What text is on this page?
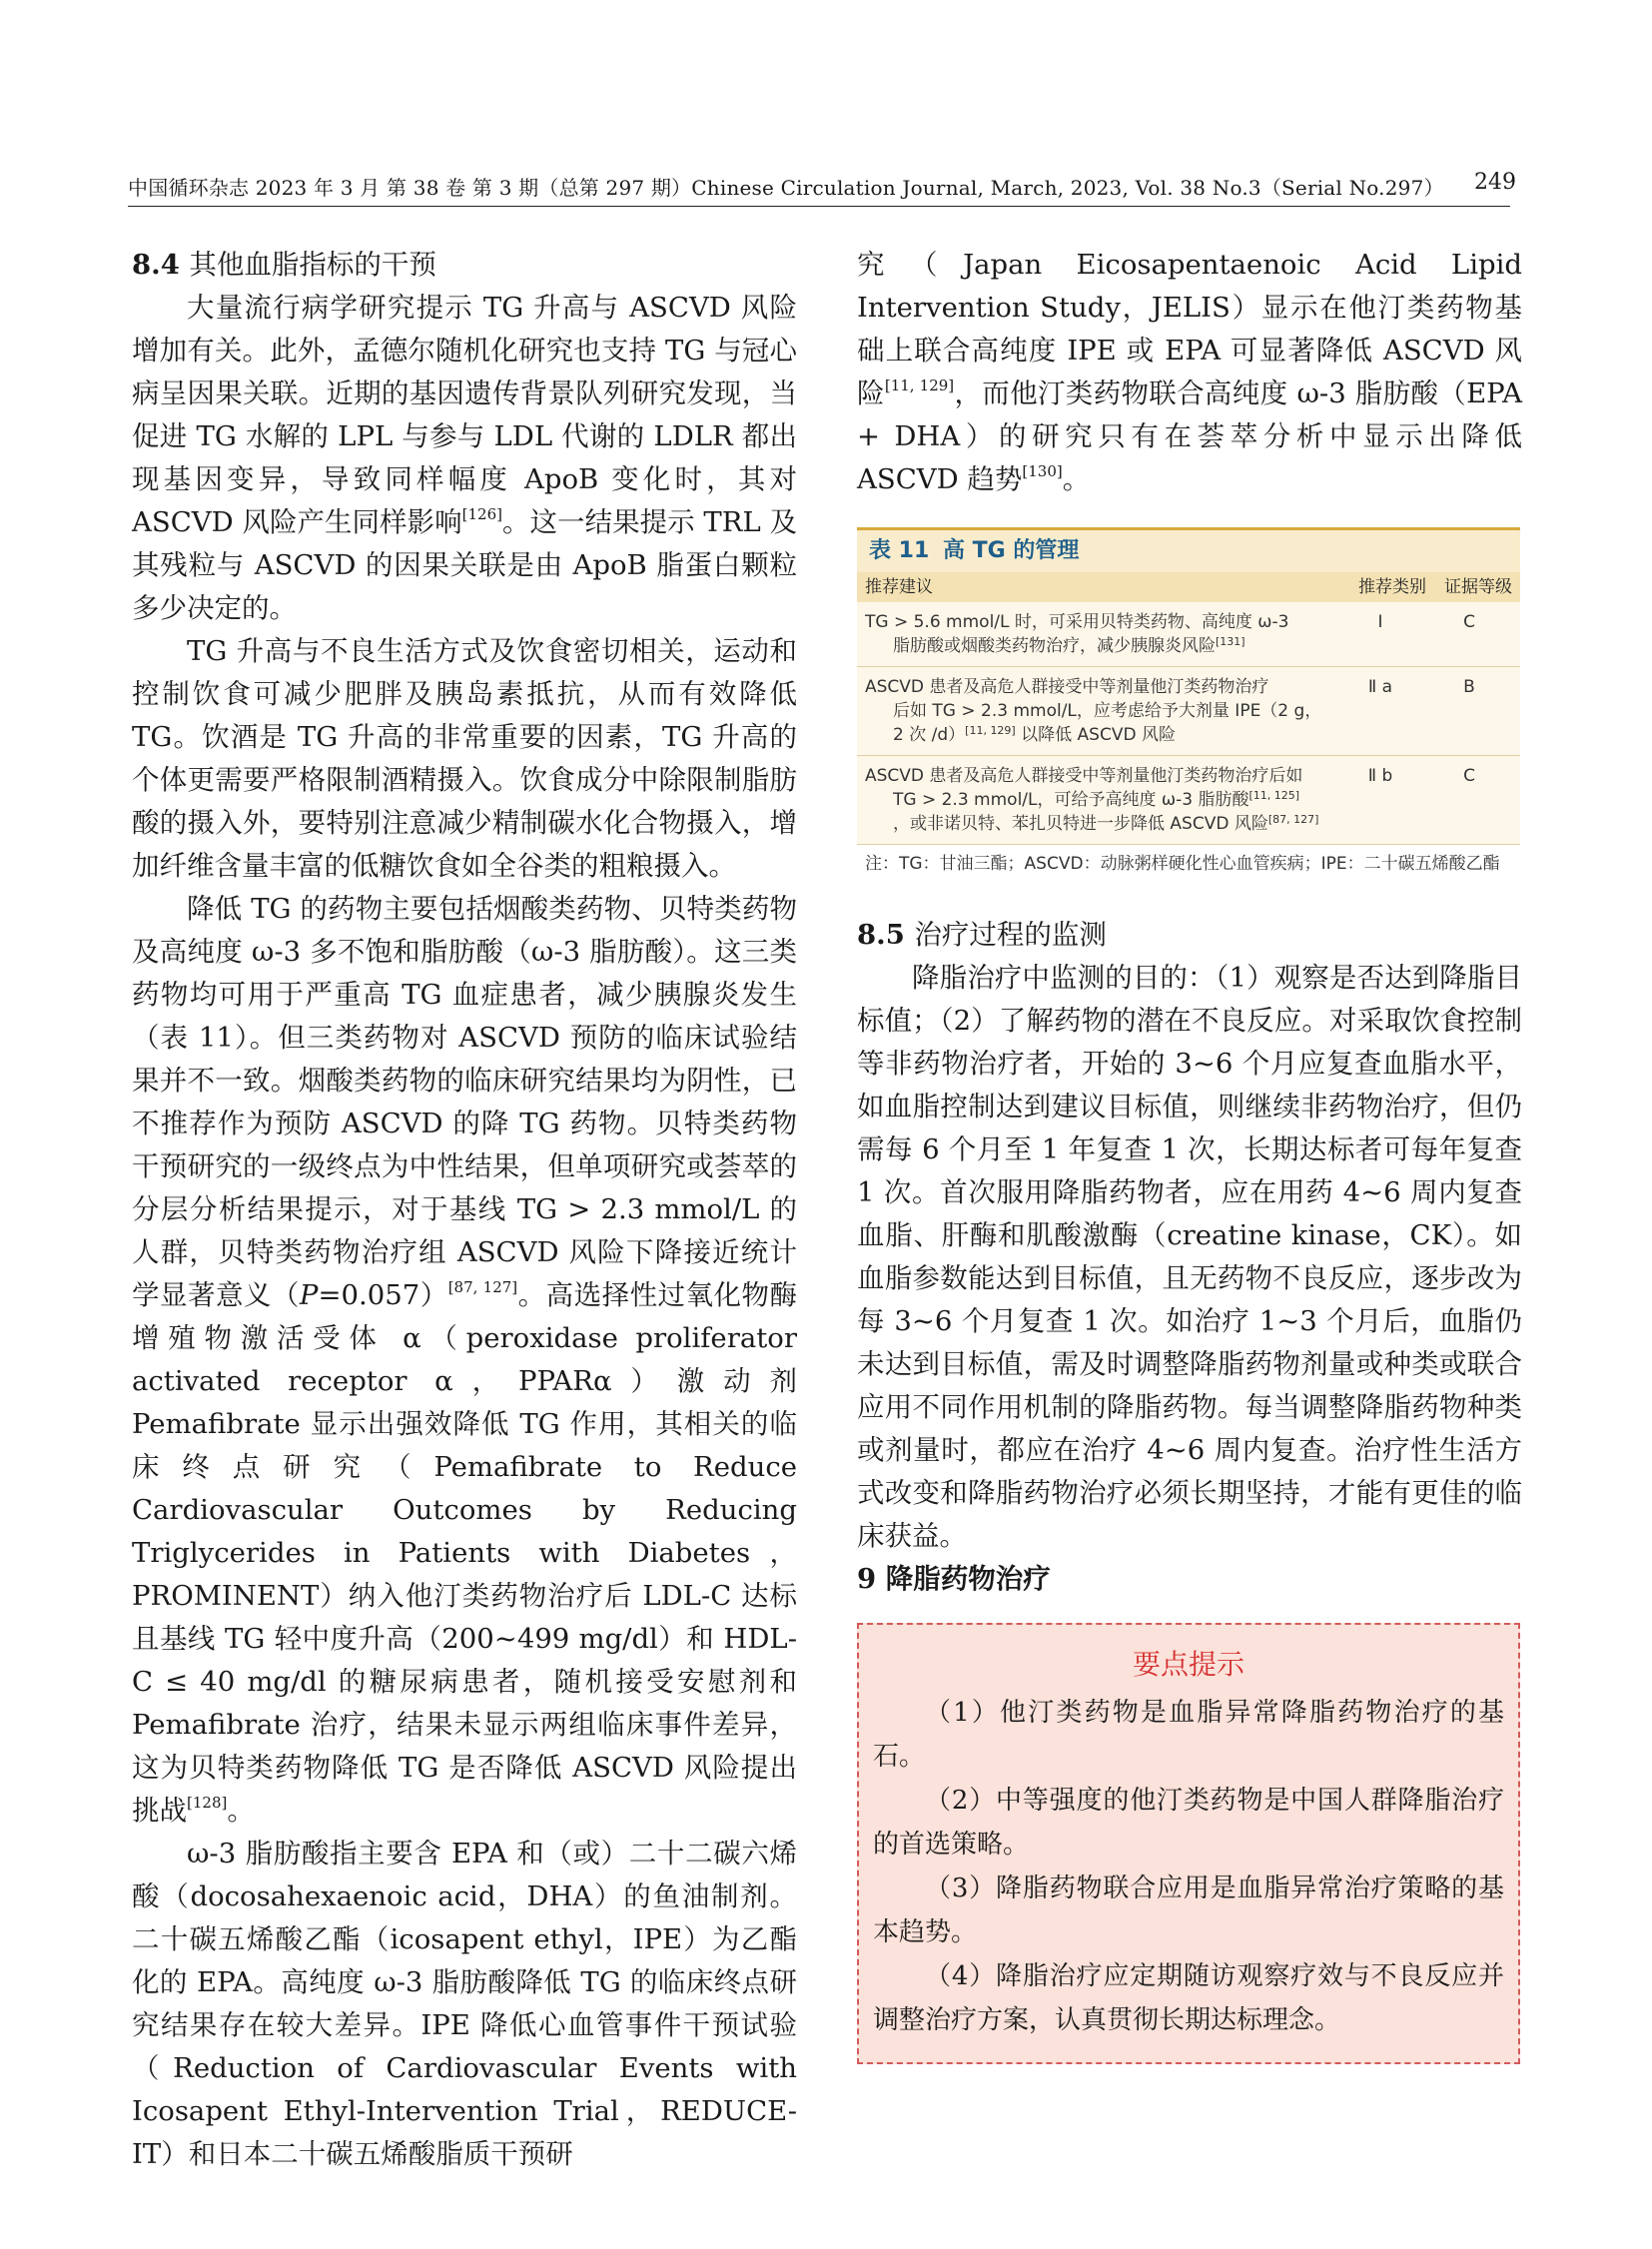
中国循环杂志 2023 年 3 月 第 38 卷 第 3 期（总第 297 期）Chinese Circulation Journal, March, 2023, Vol. 38 No.3（Serial No.297）	249

8.4 其他血脂指标的干预

大量流行病学研究提示 TG 升高与 ASCVD 风险增加有关。此外，孟德尔随机化研究也支持 TG 与冠心病呈因果关联。近期的基因遗传背景队列研究发现，当促进 TG 水解的 LPL 与参与 LDL 代谢的 LDLR 都出现基因变异，导致同样幅度 ApoB 变化时，其对 ASCVD 风险产生同样影响[126]。这一结果提示 TRL 及其残粒与 ASCVD 的因果关联是由 ApoB 脂蛋白颗粒多少决定的。

TG 升高与不良生活方式及饮食密切相关，运动和控制饮食可减少肥胖及胰岛素抵抗，从而有效降低 TG。饮酒是 TG 升高的非常重要的因素，TG 升高的个体更需要严格限制酒精摄入。饮食成分中除限制脂肪酸的摄入外，要特别注意减少精制碳水化合物摄入，增加纤维含量丰富的低糖饮食如全谷类的粗粮摄入。

降低 TG 的药物主要包括烟酸类药物、贝特类药物及高纯度 ω-3 多不饱和脂肪酸（ω-3 脂肪酸）。这三类药物均可用于严重高 TG 血症患者，减少胰腺炎发生（表 11）。但三类药物对 ASCVD 预防的临床试验结果并不一致。烟酸类药物的临床研究结果均为阴性，已不推荐作为预防 ASCVD 的降 TG 药物。贝特类药物干预研究的一级终点为中性结果，但单项研究或荟萃的分层分析结果提示，对于基线 TG > 2.3 mmol/L 的人群，贝特类药物治疗组 ASCVD 风险下降接近统计学显著意义（P=0.057）[87, 127]。高选择性过氧化物酶增殖物激活受体 α（peroxidase proliferator activated receptor α，PPARα）激动剂 Pemafibrate 显示出强效降低 TG 作用，其相关的临床终点研究（Pemafibrate to Reduce Cardiovascular Outcomes by Reducing Triglycerides in Patients with Diabetes，PROMINENT）纳入他汀类药物治疗后 LDL-C 达标且基线 TG 轻中度升高（200~499 mg/dl）和 HDL-C ≤ 40 mg/dl 的糖尿病患者，随机接受安慰剂和 Pemafibrate 治疗，结果未显示两组临床事件差异，这为贝特类药物降低 TG 是否降低 ASCVD 风险提出挑战[128]。

ω-3 脂肪酸指主要含 EPA 和（或）二十二碳六烯酸（docosahexaenoic acid，DHA）的鱼油制剂。二十碳五烯酸乙酯（icosapent ethyl，IPE）为乙酯化的 EPA。高纯度 ω-3 脂肪酸降低 TG 的临床终点研究结果存在较大差异。IPE 降低心血管事件干预试验（Reduction of Cardiovascular Events with Icosapent Ethyl-Intervention Trial，REDUCE-IT）和日本二十碳五烯酸脂质干预研

究（Japan Eicosapentaenoic Acid Lipid Intervention Study，JELIS）显示在他汀类药物基础上联合高纯度 IPE 或 EPA 可显著降低 ASCVD 风险[11, 129]，而他汀类药物联合高纯度 ω-3 脂肪酸（EPA + DHA）的研究只有在荟萃分析中显示出降低 ASCVD 趋势[130]。

表 11 高 TG 的管理
推荐建议	推荐类别	证据等级
TG > 5.6 mmol/L 时，可采用贝特类药物、高纯度 ω-3
脂肪酸或烟酸类药物治疗，减少胰腺炎风险[131]
Ⅰ	C
ASCVD 患者及高危人群接受中等剂量他汀类药物治疗
后如 TG > 2.3 mmol/L，应考虑给予大剂量 IPE（2 g，
2 次 /d）[11, 129] 以降低 ASCVD 风险
Ⅱ a	B
ASCVD 患者及高危人群接受中等剂量他汀类药物治疗后如
TG > 2.3 mmol/L，可给予高纯度 ω-3 脂肪酸[11, 125]
，或非诺贝特、苯扎贝特进一步降低 ASCVD 风险[87, 127]
Ⅱ b	C
注：TG：甘油三酯；ASCVD：动脉粥样硬化性心血管疾病；IPE：二十碳五烯酸乙酯

8.5 治疗过程的监测

降脂治疗中监测的目的：（1）观察是否达到降脂目标值；（2）了解药物的潜在不良反应。对采取饮食控制等非药物治疗者，开始的 3~6 个月应复查血脂水平，如血脂控制达到建议目标值，则继续非药物治疗，但仍需每 6 个月至 1 年复查 1 次，长期达标者可每年复查 1 次。首次服用降脂药物者，应在用药 4~6 周内复查血脂、肝酶和肌酸激酶（creatine kinase，CK）。如血脂参数能达到目标值，且无药物不良反应，逐步改为每 3~6 个月复查 1 次。如治疗 1~3 个月后，血脂仍未达到目标值，需及时调整降脂药物剂量或种类或联合应用不同作用机制的降脂药物。每当调整降脂药物种类或剂量时，都应在治疗 4~6 周内复查。治疗性生活方式改变和降脂药物治疗必须长期坚持，才能有更佳的临床获益。

9 降脂药物治疗

要点提示

（1）他汀类药物是血脂异常降脂药物治疗的基石。

（2）中等强度的他汀类药物是中国人群降脂治疗的首选策略。

（3）降脂药物联合应用是血脂异常治疗策略的基本趋势。

（4）降脂治疗应定期随访观察疗效与不良反应并调整治疗方案，认真贯彻长期达标理念。
